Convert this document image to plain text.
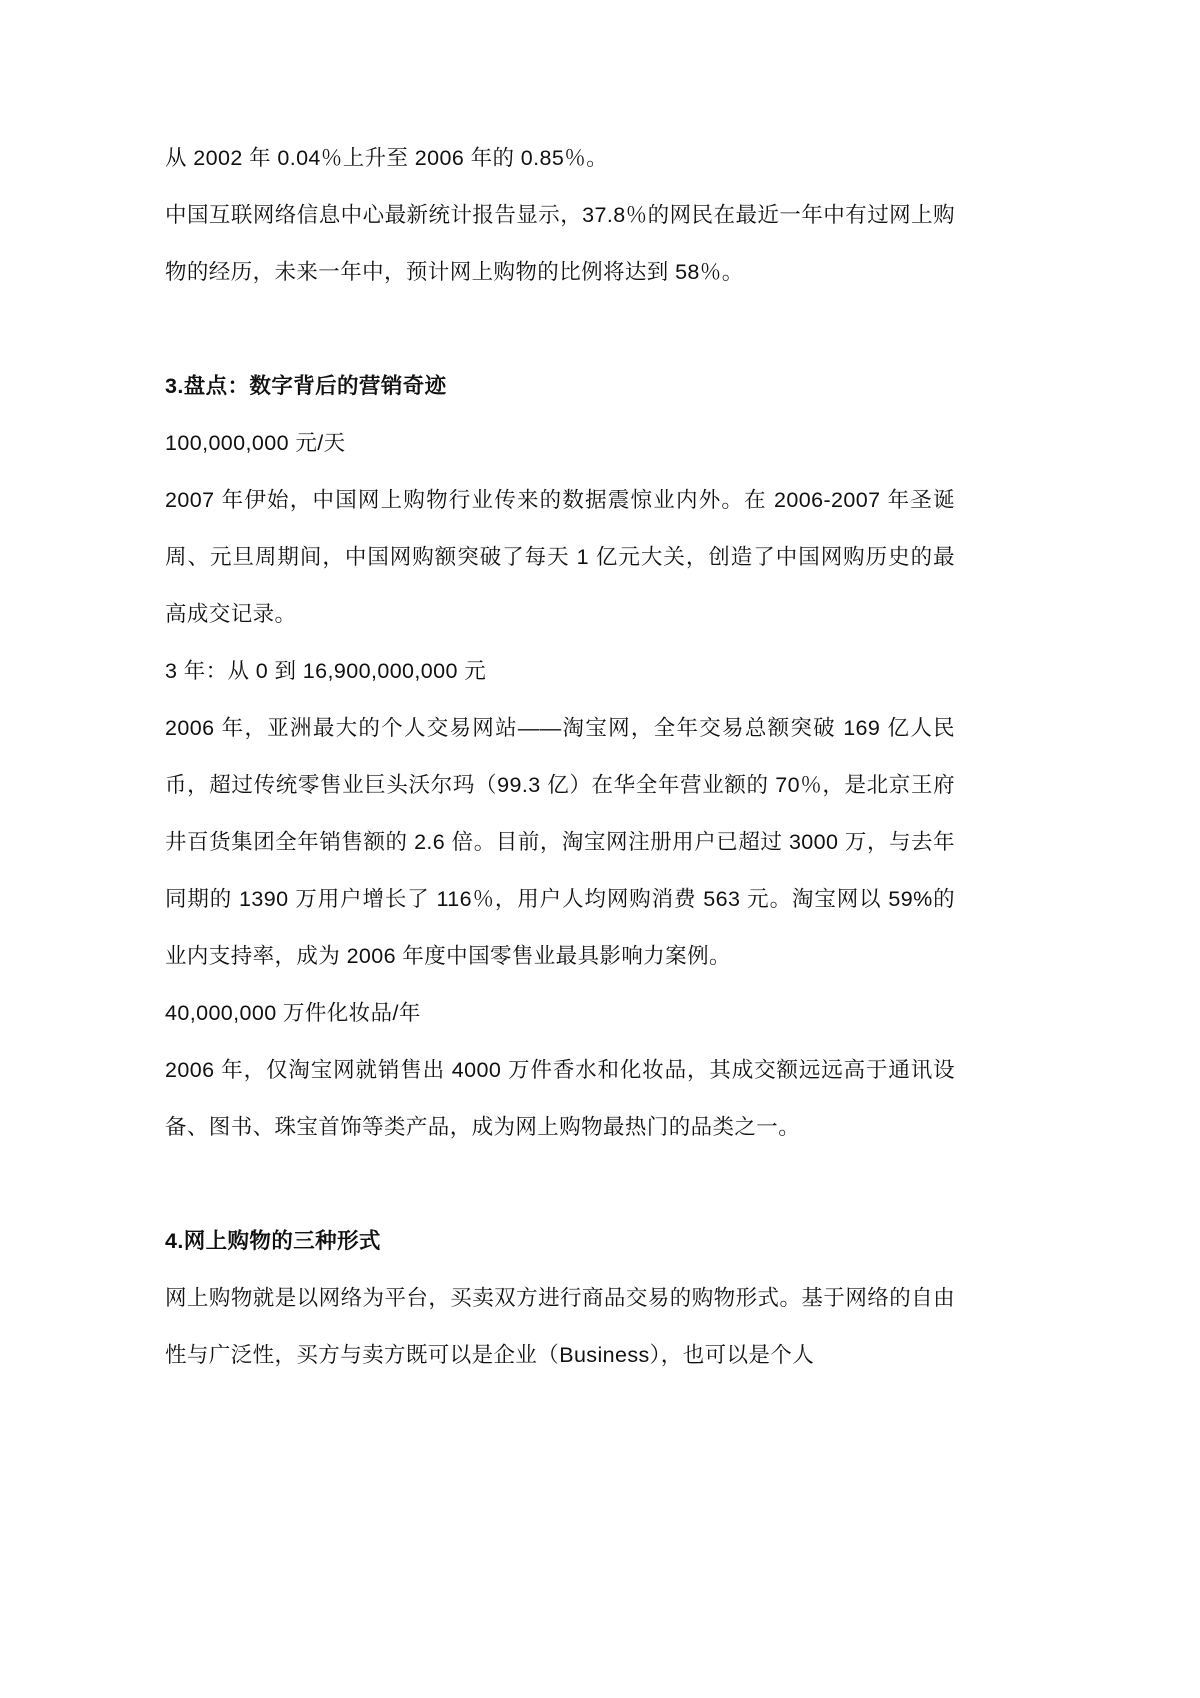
从 2002 年 0.04％上升至 2006 年的 0.85％。

中国互联网络信息中心最新统计报告显示，37.8％的网民在最近一年中有过网上购物的经历，未来一年中，预计网上购物的比例将达到 58％。

3.盘点：数字背后的营销奇迹

100,000,000 元/天

2007 年伊始，中国网上购物行业传来的数据震惊业内外。在 2006-2007 年圣诞周、元旦周期间，中国网购额突破了每天 1 亿元大关，创造了中国网购历史的最高成交记录。

3 年：从 0 到 16,900,000,000 元

2006 年，亚洲最大的个人交易网站——淘宝网，全年交易总额突破 169 亿人民币，超过传统零售业巨头沃尔玛（99.3 亿）在华全年营业额的 70％，是北京王府井百货集团全年销售额的 2.6 倍。目前，淘宝网注册用户已超过 3000 万，与去年同期的 1390 万用户增长了 116％，用户人均网购消费 563 元。淘宝网以 59%的业内支持率，成为 2006 年度中国零售业最具影响力案例。

40,000,000 万件化妆品/年

2006 年，仅淘宝网就销售出 4000 万件香水和化妆品，其成交额远远高于通讯设备、图书、珠宝首饰等类产品，成为网上购物最热门的品类之一。

4.网上购物的三种形式

网上购物就是以网络为平台，买卖双方进行商品交易的购物形式。基于网络的自由性与广泛性，买方与卖方既可以是企业（Business），也可以是个人
